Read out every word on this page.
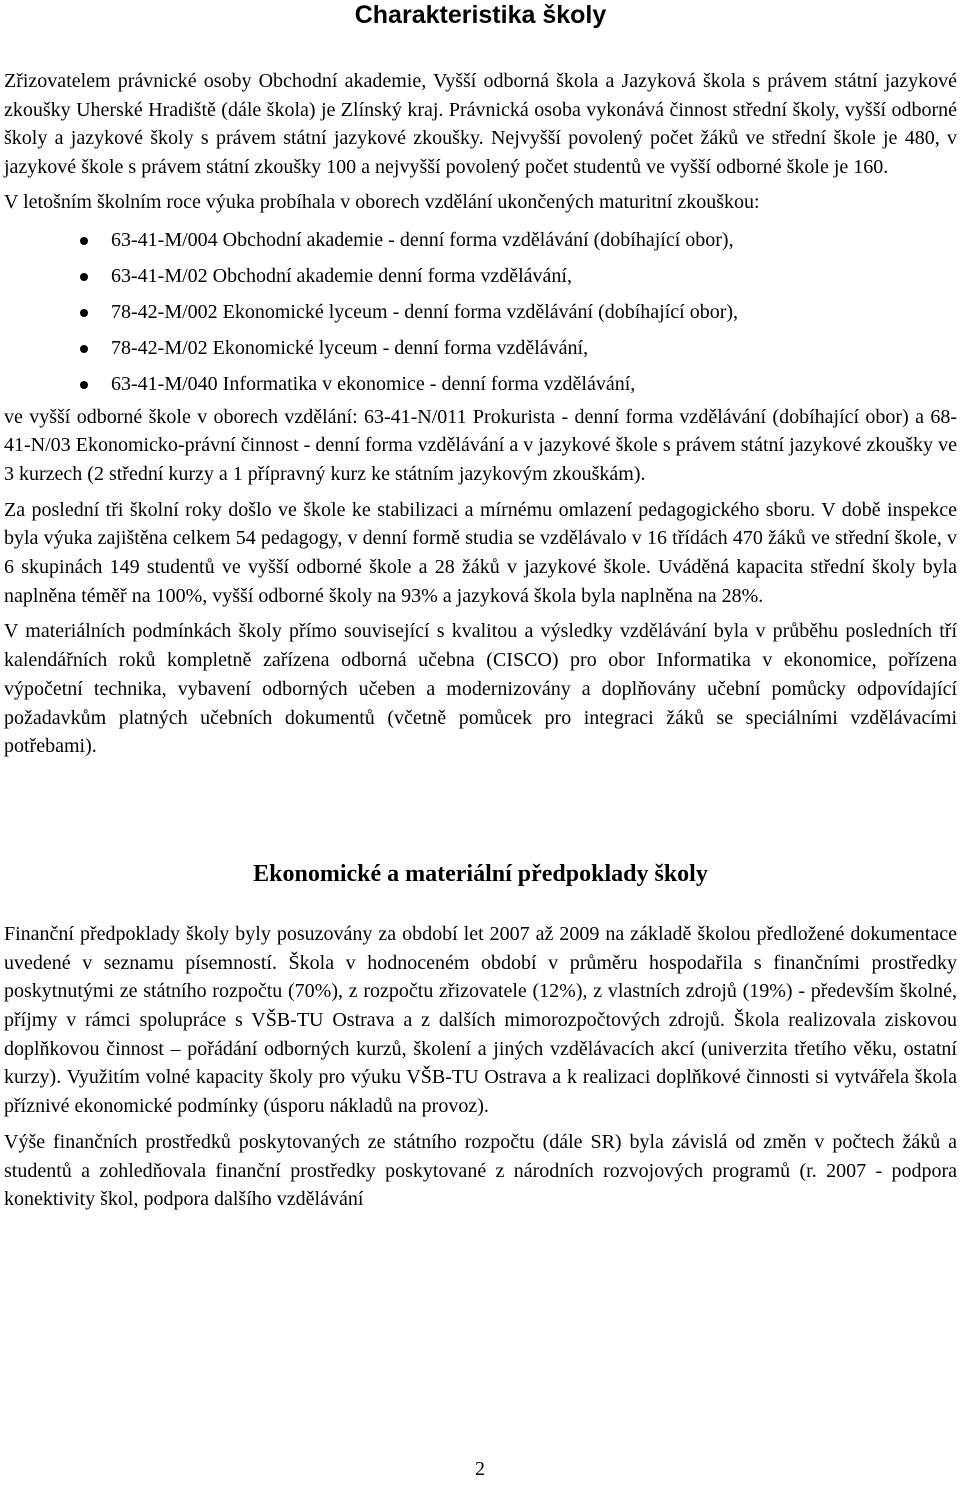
Charakteristika školy

Zřizovatelem právnické osoby Obchodní akademie, Vyšší odborná škola a Jazyková škola s právem státní jazykové zkoušky Uherské Hradiště (dále škola) je Zlínský kraj. Právnická osoba vykonává činnost střední školy, vyšší odborné školy a jazykové školy s právem státní jazykové zkoušky. Nejvyšší povolený počet žáků ve střední škole je 480, v jazykové škole s právem státní zkoušky 100 a nejvyšší povolený počet studentů ve vyšší odborné škole je 160.

V letošním školním roce výuka probíhala v oborech vzdělání ukončených maturitní zkouškou:

63-41-M/004 Obchodní akademie - denní forma vzdělávání (dobíhající obor),
63-41-M/02 Obchodní akademie denní forma vzdělávání,
78-42-M/002 Ekonomické lyceum - denní forma vzdělávání (dobíhající obor),
78-42-M/02 Ekonomické lyceum - denní forma vzdělávání,
63-41-M/040 Informatika v ekonomice - denní forma vzdělávání,

ve vyšší odborné škole v oborech vzdělání: 63-41-N/011 Prokurista - denní forma vzdělávání (dobíhající obor) a 68-41-N/03 Ekonomicko-právní činnost - denní forma vzdělávání a v jazykové škole s právem státní jazykové zkoušky ve 3 kurzech (2 střední kurzy a 1 přípravný kurz ke státním jazykovým zkouškám).

Za poslední tři školní roky došlo ve škole ke stabilizaci a mírnému omlazení pedagogického sboru. V době inspekce byla výuka zajištěna celkem 54 pedagogy, v denní formě studia se vzdělávalo v 16 třídách 470 žáků ve střední škole, v 6 skupinách 149 studentů ve vyšší odborné škole a 28 žáků v jazykové škole. Uváděná kapacita střední školy byla naplněna téměř na 100%, vyšší odborné školy na 93% a jazyková škola byla naplněna na 28%.

V materiálních podmínkách školy přímo související s kvalitou a výsledky vzdělávání byla v průběhu posledních tří kalendářních roků kompletně zařízena odborná učebna (CISCO) pro obor Informatika v ekonomice, pořízena výpočetní technika, vybavení odborných učeben a modernizovány a doplňovány učební pomůcky odpovídající požadavkům platných učebních dokumentů (včetně pomůcek pro integraci žáků se speciálními vzdělávacími potřebami).

Ekonomické a materiální předpoklady školy

Finanční předpoklady školy byly posuzovány za období let 2007 až 2009 na základě školou předložené dokumentace uvedené v seznamu písemností. Škola v hodnoceném období v průměru hospodařila s finančními prostředky poskytnutými ze státního rozpočtu (70%), z rozpočtu zřizovatele (12%), z vlastních zdrojů (19%) - především školné, příjmy v rámci spolupráce s VŠB-TU Ostrava a z dalších mimorozpočtových zdrojů. Škola realizovala ziskovou doplňkovou činnost – pořádání odborných kurzů, školení a jiných vzdělávacích akcí (univerzita třetího věku, ostatní kurzy). Využitím volné kapacity školy pro výuku VŠB-TU Ostrava a k realizaci doplňkové činnosti si vytvářela škola příznivé ekonomické podmínky (úsporu nákladů na provoz).

Výše finančních prostředků poskytovaných ze státního rozpočtu (dále SR) byla závislá od změn v počtech žáků a studentů a zohledňovala finanční prostředky poskytované z národních rozvojových programů (r. 2007 - podpora konektivity škol, podpora dalšího vzdělávání

2
